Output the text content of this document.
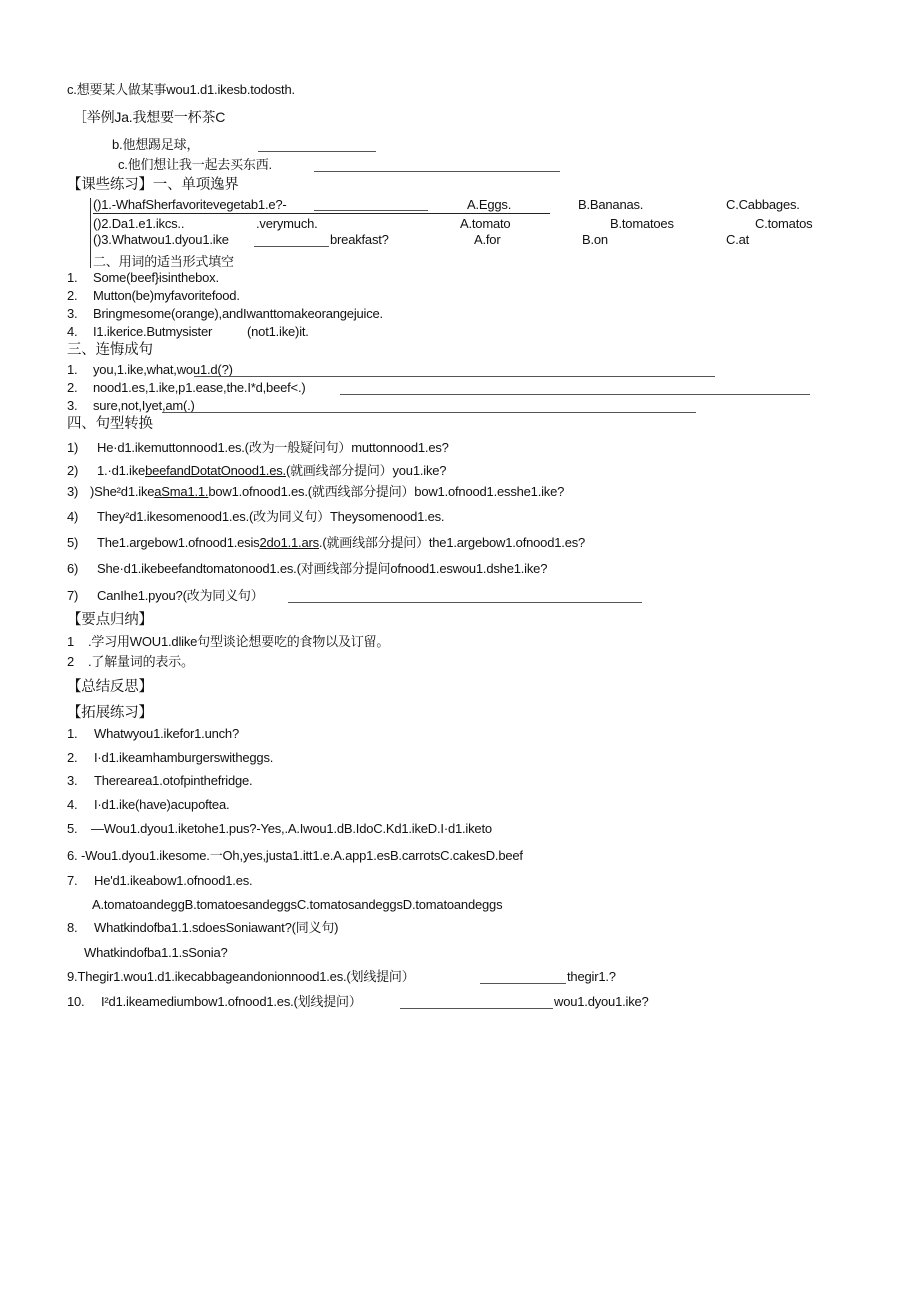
c.想要某人做某事wou1.d1.ikesb.todosth.
［举例Ja.我想要一杯茶C
b.他想踢足球，
c.他们想让我一起去买东西.
【课些练习】一、单项逸界
()1.-WhafSherfavoritevegetab1.e?-	A.Eggs.	B.Bananas.	C.Cabbages.
()2.Da1.e1.ikcs..	.verymuch.	A.tomato	B.tomatoes	C.tomatos
()3.Whatwou1.dyou1.ike	breakfast?	A.for	B.on	C.at
二、用词的适当形式填空
1. Some(beef}isinthebox.
2. Mutton(be)myfavoritefood.
3. Bringmesome(orange),andIwanttomakeorangejuice.
4. I1.ikerice.Butmysister	(not1.ike)it.
三、连悔成句
1. you,1.ike,what,wou1.d(?)
2. nood1.es,1.ike,p1.ease,the.I*d,beef<.)
3. sure,not,Iyet,am(.)
四、句型转换
1) He·d1.ikemuttonnood1.es.(改为一般疑问句）muttonnood1.es?
2) 1.·d1.ikebeefandDotatOnood1.es.(就画线部分提问）you1.ike?
3) )She²d1.ikeaSma1.1.bow1.ofnood1.es.(就西线部分提问）bow1.ofnood1.esshe1.ike?
4) They²d1.ikesomenood1.es.(改为同义句）Theysomenood1.es.
5) The1.argebow1.ofnood1.esis2do1.1.ars.(就画线部分提问）the1.argebow1.ofnood1.es?
6) She·d1.ikebeefandtomatonood1.es.(对画线部分提问ofnood1.eswou1.dshe1.ike?
7) CanIhe1.pyou?(改为同义句）
【要点归纳】
1 .学习用WOU1.dlike句型谈论想要吃的食物以及订留。
2 .了解量词的表示。
【总结反思】
【拓展练习】
1. Whatwyou1.ikefor1.unch?
2. I·d1.ikeamhamburgerswitheggs.
3. Therearea1.otofpinthefridge.
4. I·d1.ike(have)acupoftea.
5. —Wou1.dyou1.iketohe1.pus?-Yes,.A.Iwou1.dB.IdoC.Kd1.ikeD.I·d1.iketo
6. -Wou1.dyou1.ikesome.一Oh,yes,justa1.itt1.e.A.app1.esB.carrotsC.cakesD.beef
7. He'd1.ikeabow1.ofnood1.es.
A.tomatoandeggB.tomatoesandeggsC.tomatosandeggsD.tomatoandeggs
8. Whatkindofba1.1.sdoesSoniawant?(同义句)
Whatkindofba1.1.sSonia?
9.Thegir1.wou1.d1.ikecabbageandonionnood1.es.(划线提问）	thegir1.?
10. I²d1.ikeamediumbow1.ofnood1.es.(划线提问）	wou1.dyou1.ike?
